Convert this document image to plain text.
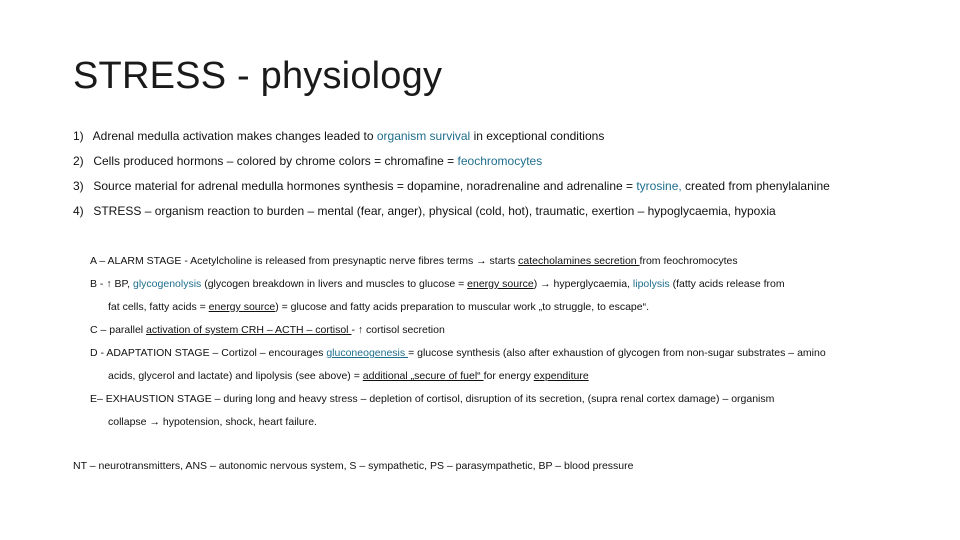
STRESS - physiology
1) Adrenal medulla activation makes changes leaded to organism survival in exceptional conditions
2) Cells produced hormons – colored by chrome colors = chromafine = feochromocytes
3) Source material for adrenal medulla hormones synthesis = dopamine, noradrenaline and adrenaline = tyrosine, created from phenylalanine
4) STRESS – organism reaction to burden – mental (fear, anger), physical (cold, hot), traumatic, exertion – hypoglycaemia, hypoxia
A – ALARM STAGE - Acetylcholine is released from presynaptic nerve fibres terms → starts catecholamines secretion from feochromocytes
B - ↑ BP, glycogenolysis (glycogen breakdown in livers and muscles to glucose = energy source) → hyperglycaemia, lipolysis (fatty acids release from
fat cells, fatty acids = energy source) = glucose and fatty acids preparation to muscular work „to struggle, to escape“.
C – parallel activation of system CRH – ACTH – cortisol - ↑ cortisol secretion
D - ADAPTATION STAGE – Cortizol – encourages gluconeogenesis = glucose synthesis (also after exhaustion of glycogen from non-sugar substrates – amino
acids, glycerol and lactate) and lipolysis (see above) = additional „secure of fuel“ for energy expenditure
E– EXHAUSTION STAGE – during long and heavy stress – depletion of cortisol, disruption of its secretion, (supra renal cortex damage) – organism
collapse → hypotension, shock, heart failure.
NT – neurotransmitters, ANS – autonomic nervous system, S – sympathetic, PS – parasympathetic, BP – blood pressure
